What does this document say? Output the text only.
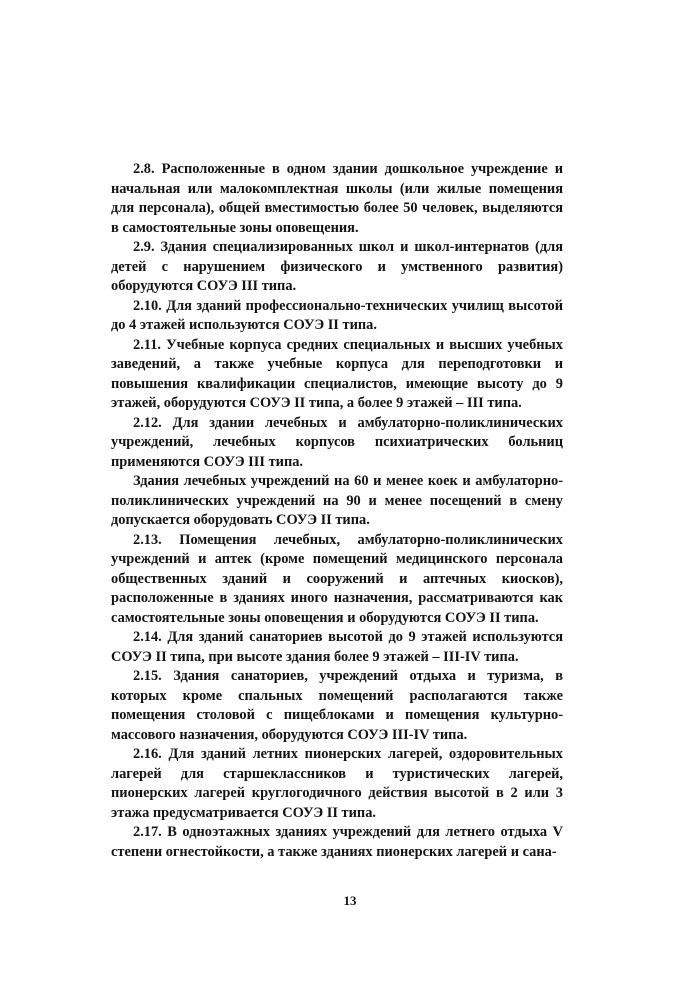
2.8. Расположенные в одном здании дошкольное учреждение и начальная или малокомплектная школы (или жилые помещения для персонала), общей вместимостью более 50 человек, выделяются в самостоятельные зоны оповещения.

2.9. Здания специализированных школ и школ-интернатов (для детей с нарушением физического и умственного развития) оборудуются СОУЭ III типа.

2.10. Для зданий профессионально-технических училищ высотой до 4 этажей используются СОУЭ II типа.

2.11. Учебные корпуса средних специальных и высших учебных заведений, а также учебные корпуса для переподготовки и повышения квалификации специалистов, имеющие высоту до 9 этажей, оборудуются СОУЭ II типа, а более 9 этажей – III типа.

2.12. Для здании лечебных и амбулаторно-поликлинических учреждений, лечебных корпусов психиатрических больниц применяются СОУЭ III типа.

Здания лечебных учреждений на 60 и менее коек и амбулаторно-поликлинических учреждений на 90 и менее посещений в смену допускается оборудовать СОУЭ II типа.

2.13. Помещения лечебных, амбулаторно-поликлинических учреждений и аптек (кроме помещений медицинского персонала общественных зданий и сооружений и аптечных киосков), расположенные в зданиях иного назначения, рассматриваются как самостоятельные зоны оповещения и оборудуются СОУЭ II типа.

2.14. Для зданий санаториев высотой до 9 этажей используются СОУЭ II типа, при высоте здания более 9 этажей – III-IV типа.

2.15. Здания санаториев, учреждений отдыха и туризма, в которых кроме спальных помещений располагаются также помещения столовой с пищеблоками и помещения культурно-массового назначения, оборудуются СОУЭ III-IV типа.

2.16. Для зданий летних пионерских лагерей, оздоровительных лагерей для старшеклассников и туристических лагерей, пионерских лагерей круглогодичного действия высотой в 2 или 3 этажа предусматривается СОУЭ II типа.

2.17. В одноэтажных зданиях учреждений для летнего отдыха V степени огнестойкости, а также зданиях пионерских лагерей и сана-

13
